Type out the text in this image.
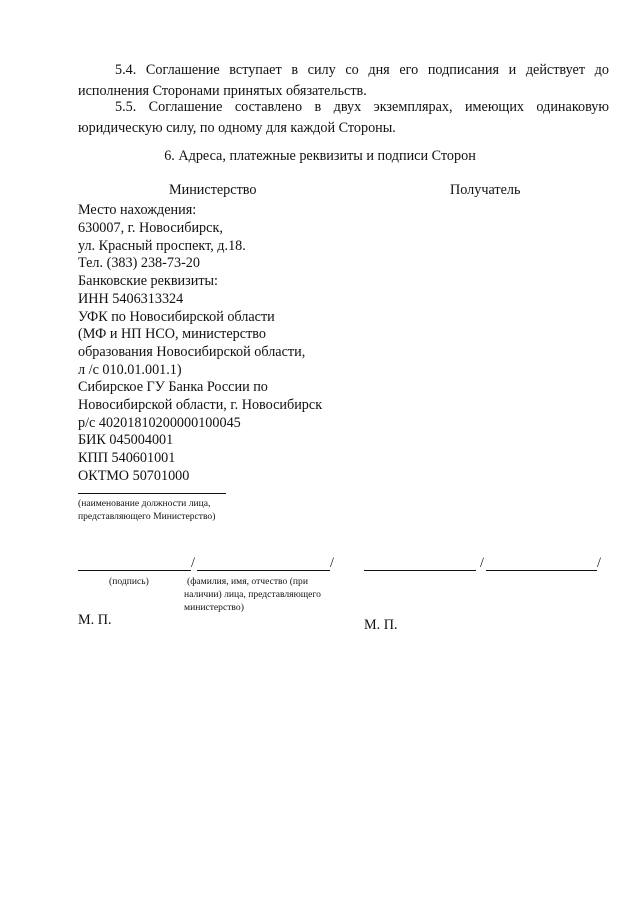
5.4. Соглашение вступает в силу со дня его подписания и действует до исполнения Сторонами принятых обязательств.
5.5. Соглашение составлено в двух экземплярах, имеющих одинаковую юридическую силу, по одному для каждой Стороны.
6. Адреса, платежные реквизиты и подписи Сторон
Министерство	Получатель
Место нахождения:
630007, г. Новосибирск,
ул. Красный проспект, д.18.
Тел. (383) 238-73-20
Банковские реквизиты:
ИНН 5406313324
УФК по Новосибирской области
(МФ и НП НСО, министерство
образования Новосибирской области,
л /с 010.01.001.1)
Сибирское ГУ Банка России по
Новосибирской области, г. Новосибирск
р/с 40201810200000100045
БИК 045004001
КПП 540601001
ОКТМО 50701000
(наименование должности лица,
представляющего Министерство)
/	/
(подпись)	(фамилия, имя, отчество (при
наличии) лица, представляющего
министерство)
/	/
М. П.	М. П.
